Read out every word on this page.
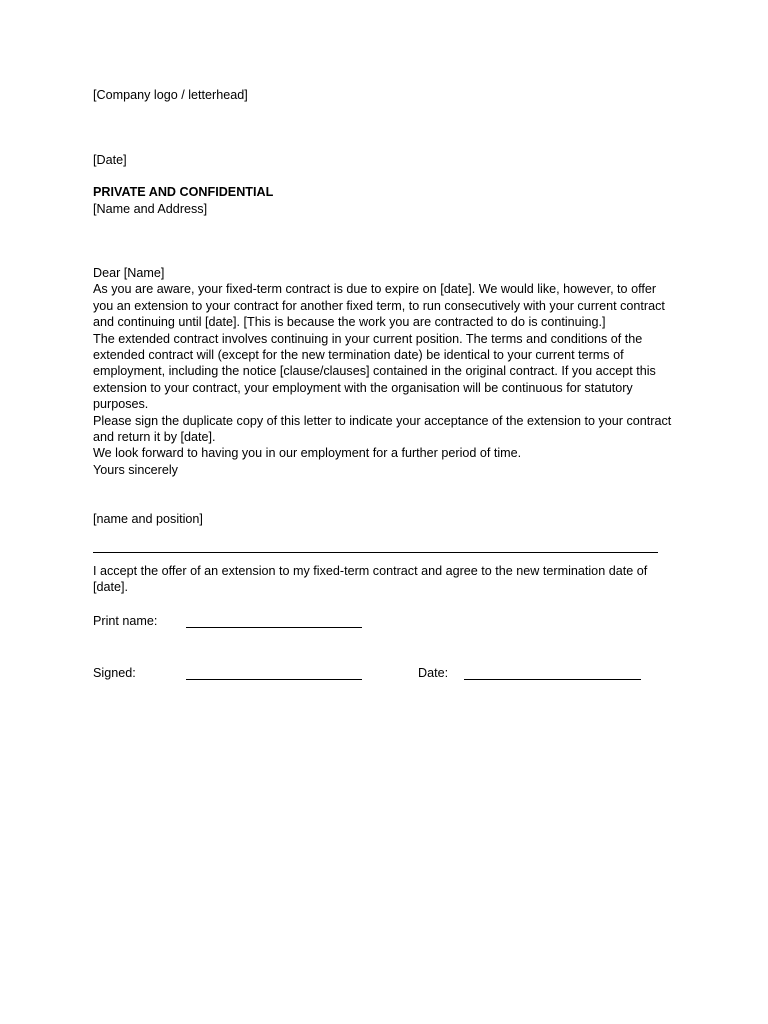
[Company logo / letterhead]
[Date]
PRIVATE AND CONFIDENTIAL
[Name and Address]

Dear [Name]

As you are aware, your fixed-term contract is due to expire on [date]. We would like, however, to offer you an extension to your contract for another fixed term, to run consecutively with your current contract and continuing until [date]. [This is because the work you are contracted to do is continuing.]

The extended contract involves continuing in your current position. The terms and conditions of the extended contract will (except for the new termination date) be identical to your current terms of employment, including the notice [clause/clauses] contained in the original contract. If you accept this extension to your contract, your employment with the organisation will be continuous for statutory purposes.

Please sign the duplicate copy of this letter to indicate your acceptance of the extension to your contract and return it by [date].

We look forward to having you in our employment for a further period of time.

Yours sincerely

[name and position]
I accept the offer of an extension to my fixed-term contract and agree to the new termination date of [date].
Print name:
Signed:	Date:
